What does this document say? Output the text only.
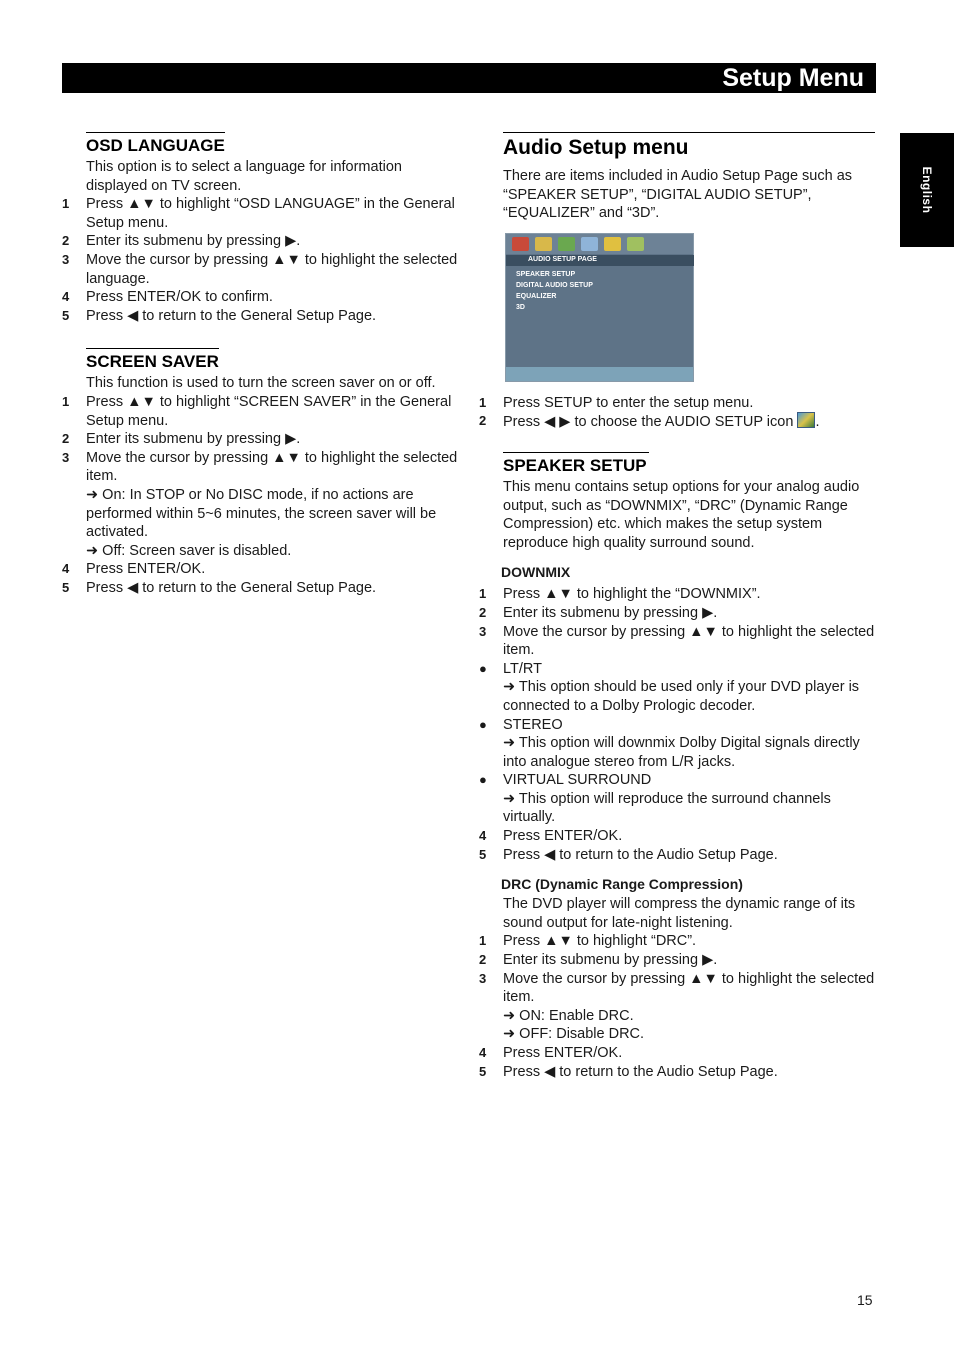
Setup Menu
English
OSD LANGUAGE
This option is to select a language for information displayed on TV screen.
1	Press ▲▼ to highlight “OSD LANGUAGE” in the General Setup menu.
2	Enter its submenu by pressing ▶.
3	Move the cursor by pressing ▲▼ to highlight the selected language.
4	Press ENTER/OK to confirm.
5	Press ◀ to return to the General Setup Page.
SCREEN SAVER
This function is used to turn the screen saver on or off.
1	Press ▲▼ to highlight “SCREEN SAVER” in the General Setup menu.
2	Enter its submenu by pressing ▶.
3	Move the cursor by pressing ▲▼ to highlight the selected item.
➜ On: In STOP or No DISC mode, if no actions are performed within 5~6 minutes, the screen saver will be activated.
➜ Off: Screen saver is disabled.
4	Press ENTER/OK.
5	Press ◀ to return to the General Setup Page.
Audio Setup menu
There are items included in Audio Setup Page such as “SPEAKER SETUP”, “DIGITAL AUDIO SETUP”, “EQUALIZER” and “3D”.
AUDIO SETUP PAGE
SPEAKER SETUP
DIGITAL AUDIO SETUP
EQUALIZER
3D
1	Press SETUP to enter the setup menu.
2	Press ◀ ▶ to choose the AUDIO SETUP icon .
SPEAKER SETUP
This menu contains setup options for your analog audio output, such as “DOWNMIX”, “DRC” (Dynamic Range Compression) etc. which makes the setup system reproduce high quality surround sound.
DOWNMIX
1	Press ▲▼ to highlight the “DOWNMIX”.
2	Enter its submenu by pressing ▶.
3	Move the cursor by pressing ▲▼ to highlight the selected item.
●	LT/RT
➜ This option should be used only if your DVD player is connected to a Dolby Prologic decoder.
●	STEREO
➜ This option will downmix Dolby Digital signals directly into analogue stereo from L/R jacks.
●	VIRTUAL SURROUND
➜ This option will reproduce the surround channels virtually.
4	Press ENTER/OK.
5	Press ◀ to return to the Audio Setup Page.
DRC (Dynamic Range Compression)
The DVD player will compress the dynamic range of its sound output for late-night listening.
1	Press ▲▼ to highlight “DRC”.
2	Enter its submenu by pressing ▶.
3	Move the cursor by pressing ▲▼ to highlight the selected item.
➜ ON: Enable DRC.
➜ OFF: Disable DRC.
4	Press ENTER/OK.
5	Press ◀ to return to the Audio Setup Page.
15
